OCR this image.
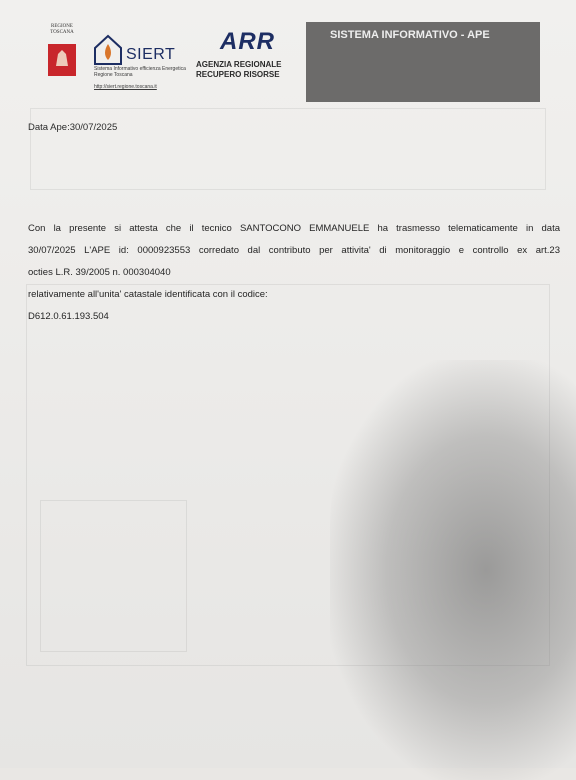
REGIONE TOSCANA
SIERT
Sistema Informativo efficienza Energetica Regione Toscana
http://siert.regione.toscana.it
ARR
AGENZIA REGIONALE
RECUPERO RISORSE
SISTEMA INFORMATIVO - APE
Data Ape:30/07/2025
Con la presente si attesta che il tecnico SANTOCONO EMMANUELE ha trasmesso telematicamente in data
30/07/2025 L'APE id: 0000923553 corredato dal contributo per attivita' di monitoraggio e controllo ex art.23
octies L.R. 39/2005 n. 000304040
relativamente all'unita' catastale identificata con il codice:
D612.0.61.193.504
